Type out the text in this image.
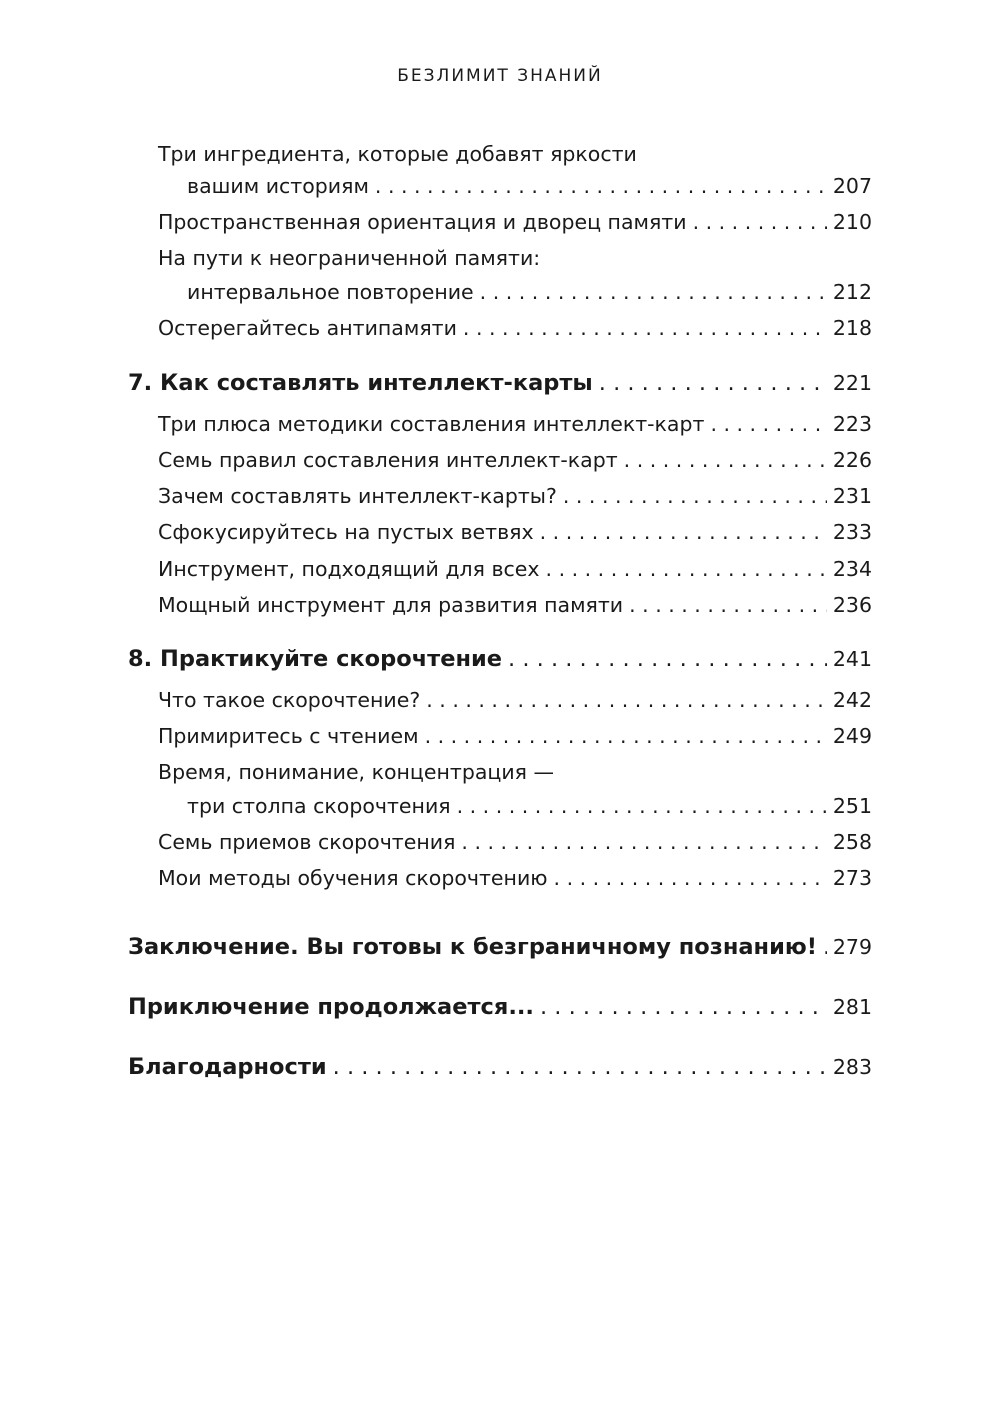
БЕЗЛИМИТ ЗНАНИЙ
Три ингредиента, которые добавят яркости
вашим историям . . .	207
Пространственная ориентация и дворец памяти . . .	210
На пути к неограниченной памяти:
интервальное повторение . . .	212
Остерегайтесь антипамяти . . .	218
7. Как составлять интеллект-карты . . .	221
Три плюса методики составления интеллект-карт . . .	223
Семь правил составления интеллект-карт . . .	226
Зачем составлять интеллект-карты? . . .	231
Сфокусируйтесь на пустых ветвях . . .	233
Инструмент, подходящий для всех . . .	234
Мощный инструмент для развития памяти . . .	236
8. Практикуйте скорочтение . . .	241
Что такое скорочтение? . . .	242
Примиритесь с чтением . . .	249
Время, понимание, концентрация —
три столпа скорочтения . . .	251
Семь приемов скорочтения . . .	258
Мои методы обучения скорочтению . . .	273
Заключение. Вы готовы к безграничному познанию! . . . 279
Приключение продолжается... . . .	281
Благодарности . . .	283
